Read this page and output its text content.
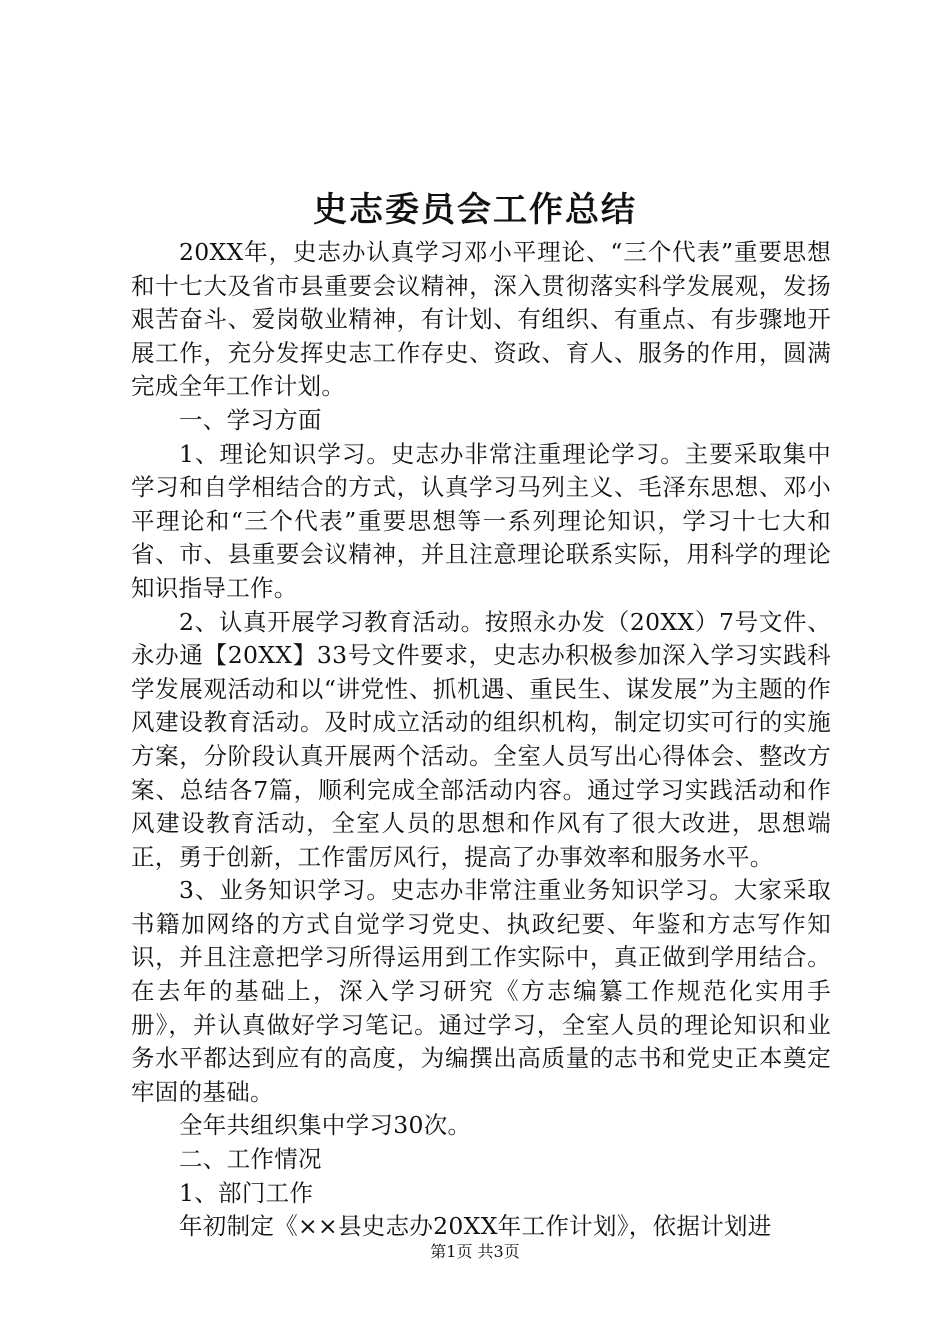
史志委员会工作总结

20XX年，史志办认真学习邓小平理论、“三个代表”重要思想和十七大及省市县重要会议精神，深入贯彻落实科学发展观，发扬艰苦奋斗、爱岗敬业精神，有计划、有组织、有重点、有步骤地开展工作，充分发挥史志工作存史、资政、育人、服务的作用，圆满完成全年工作计划。

一、学习方面

1、理论知识学习。史志办非常注重理论学习。主要采取集中学习和自学相结合的方式，认真学习马列主义、毛泽东思想、邓小平理论和“三个代表”重要思想等一系列理论知识，学习十七大和省、市、县重要会议精神，并且注意理论联系实际，用科学的理论知识指导工作。

2、认真开展学习教育活动。按照永办发（20XX）7号文件、永办通【20XX】33号文件要求，史志办积极参加深入学习实践科学发展观活动和以“讲党性、抓机遇、重民生、谋发展”为主题的作风建设教育活动。及时成立活动的组织机构，制定切实可行的实施方案，分阶段认真开展两个活动。全室人员写出心得体会、整改方案、总结各7篇，顺利完成全部活动内容。通过学习实践活动和作风建设教育活动，全室人员的思想和作风有了很大改进，思想端正，勇于创新，工作雷厉风行，提高了办事效率和服务水平。

3、业务知识学习。史志办非常注重业务知识学习。大家采取书籍加网络的方式自觉学习党史、执政纪要、年鉴和方志写作知识，并且注意把学习所得运用到工作实际中，真正做到学用结合。在去年的基础上，深入学习研究《方志编纂工作规范化实用手册》，并认真做好学习笔记。通过学习，全室人员的理论知识和业务水平都达到应有的高度，为编撰出高质量的志书和党史正本奠定牢固的基础。

全年共组织集中学习30次。

二、工作情况

1、部门工作

年初制定《××县史志办20XX年工作计划》，依据计划进

第1页 共3页
